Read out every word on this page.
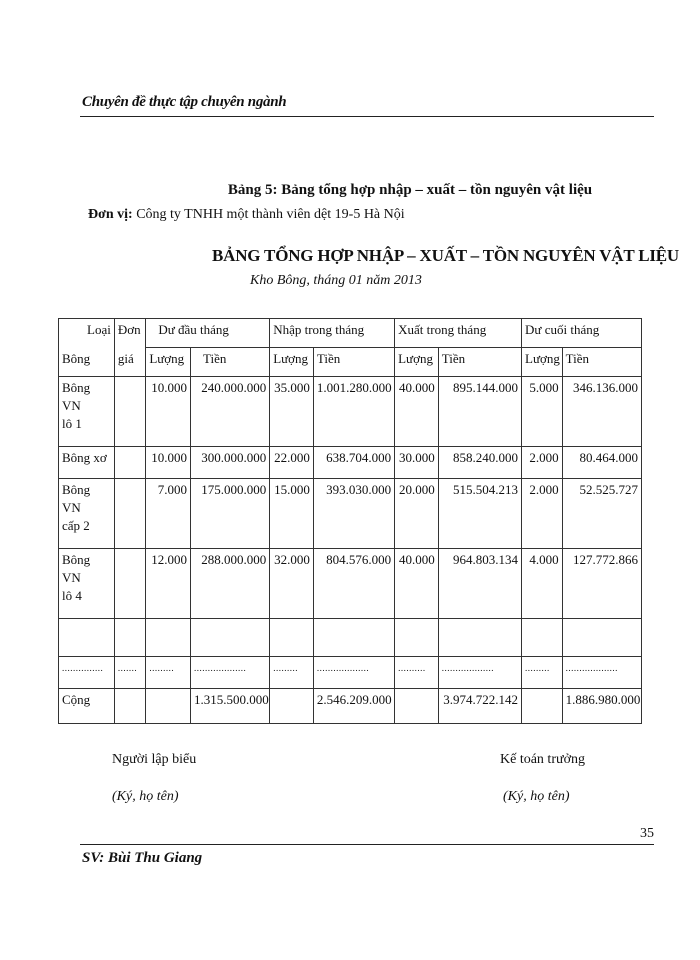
Chuyên đề thực tập chuyên ngành
Bảng 5: Bảng tổng hợp nhập – xuất – tồn nguyên vật liệu
Đơn vị: Công ty TNHH một thành viên dệt 19-5 Hà Nội
BẢNG TỔNG HỢP NHẬP – XUẤT – TỒN NGUYÊN VẬT LIỆU
Kho Bông, tháng 01 năm 2013
Loại	Đơn	Dư đầu tháng		Nhập trong tháng		Xuất trong tháng		Dư cuối tháng	
Bông	giá	Lượng	Tiền	Lượng	Tiền	Lượng	Tiền	Lượng	Tiền

Bông VN
lô 1		10.000	240.000.000	35.000	1.001.280.000	40.000	895.144.000	5.000	346.136.000
Bông xơ		10.000	300.000.000	22.000	638.704.000	30.000	858.240.000	2.000	80.464.000

Bông VN
cấp 2		7.000	175.000.000	15.000	393.030.000	20.000	515.504.213	2.000	52.525.727

Bông VN
lô 4		12.000	288.000.000	32.000	804.576.000	40.000	964.803.134	4.000	127.772.866

...............	.......	.........	...................	.........	...................	..........	...................	.........	...................
Cộng			1.315.500.000		2.546.209.000		3.974.722.142		1.886.980.000
Người lập biểu
(Ký, họ tên)
Kế toán trưởng
(Ký, họ tên)
35
SV: Bùi Thu Giang
